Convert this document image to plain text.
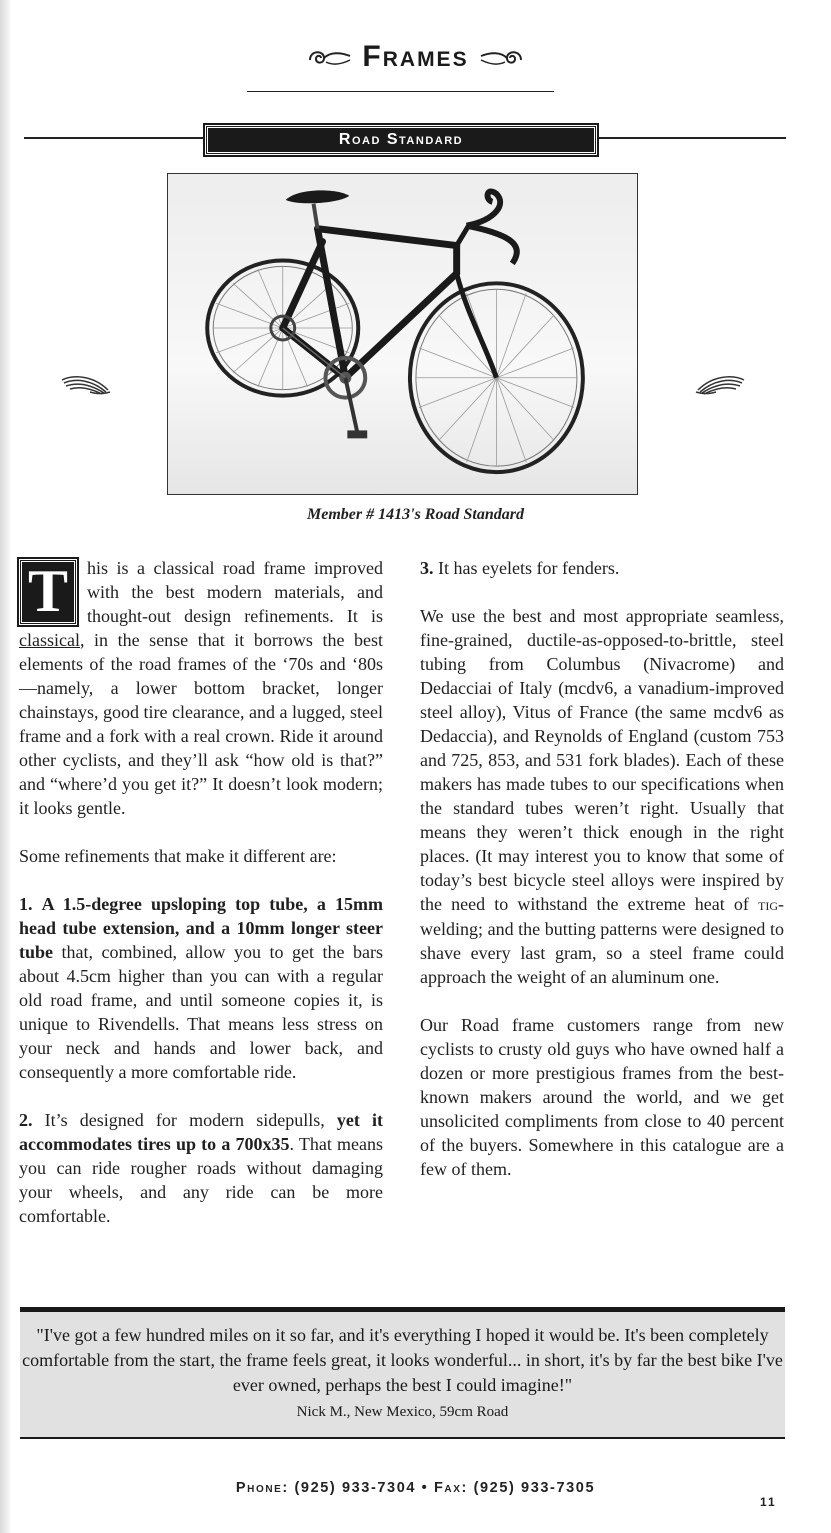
Frames
Road Standard
Member # 1413's Road Standard

T	his is a classical road frame improved with the best modern materials, and thought-out design refinements. It is classical, in the sense that it borrows the best elements of the road frames of the ‘70s and ‘80s—namely, a lower bottom bracket, longer chainstays, good tire clearance, and a lugged, steel frame and a fork with a real crown. Ride it around other cyclists, and they’ll ask “how old is that?” and “where’d you get it?” It doesn’t look modern; it looks gentle.

Some refinements that make it different are:

1. A 1.5-degree upsloping top tube, a 15mm head tube extension, and a 10mm longer steer tube that, combined, allow you to get the bars about 4.5cm higher than you can with a regular old road frame, and until someone copies it, is unique to Rivendells. That means less stress on your neck and hands and lower back, and consequently a more comfortable ride.

2. It’s designed for modern sidepulls, yet it accommodates tires up to a 700x35. That means you can ride rougher roads without damaging your wheels, and any ride can be more comfortable.

3. It has eyelets for fenders.

We use the best and most appropriate seamless, fine-grained, ductile-as-opposed-to-brittle, steel tubing from Columbus (Nivacrome) and Dedacciai of Italy (mcdv6, a vanadium-improved steel alloy), Vitus of France (the same mcdv6 as Dedaccia), and Reynolds of England (custom 753 and 725, 853, and 531 fork blades). Each of these makers has made tubes to our specifications when the standard tubes weren’t right. Usually that means they weren’t thick enough in the right places. (It may interest you to know that some of today’s best bicycle steel alloys were inspired by the need to withstand the extreme heat of tig-welding; and the butting patterns were designed to shave every last gram, so a steel frame could approach the weight of an aluminum one.

Our Road frame customers range from new cyclists to crusty old guys who have owned half a dozen or more prestigious frames from the best-known makers around the world, and we get unsolicited compliments from close to 40 percent of the buyers. Somewhere in this catalogue are a few of them.

"I've got a few hundred miles on it so far, and it's everything I hoped it would be. It's been completely comfortable from the start, the frame feels great, it looks wonderful... in short, it's by far the best bike I've ever owned, perhaps the best I could imagine!"
Nick M., New Mexico, 59cm Road
Phone: (925) 933-7304 • Fax: (925) 933-7305
11
